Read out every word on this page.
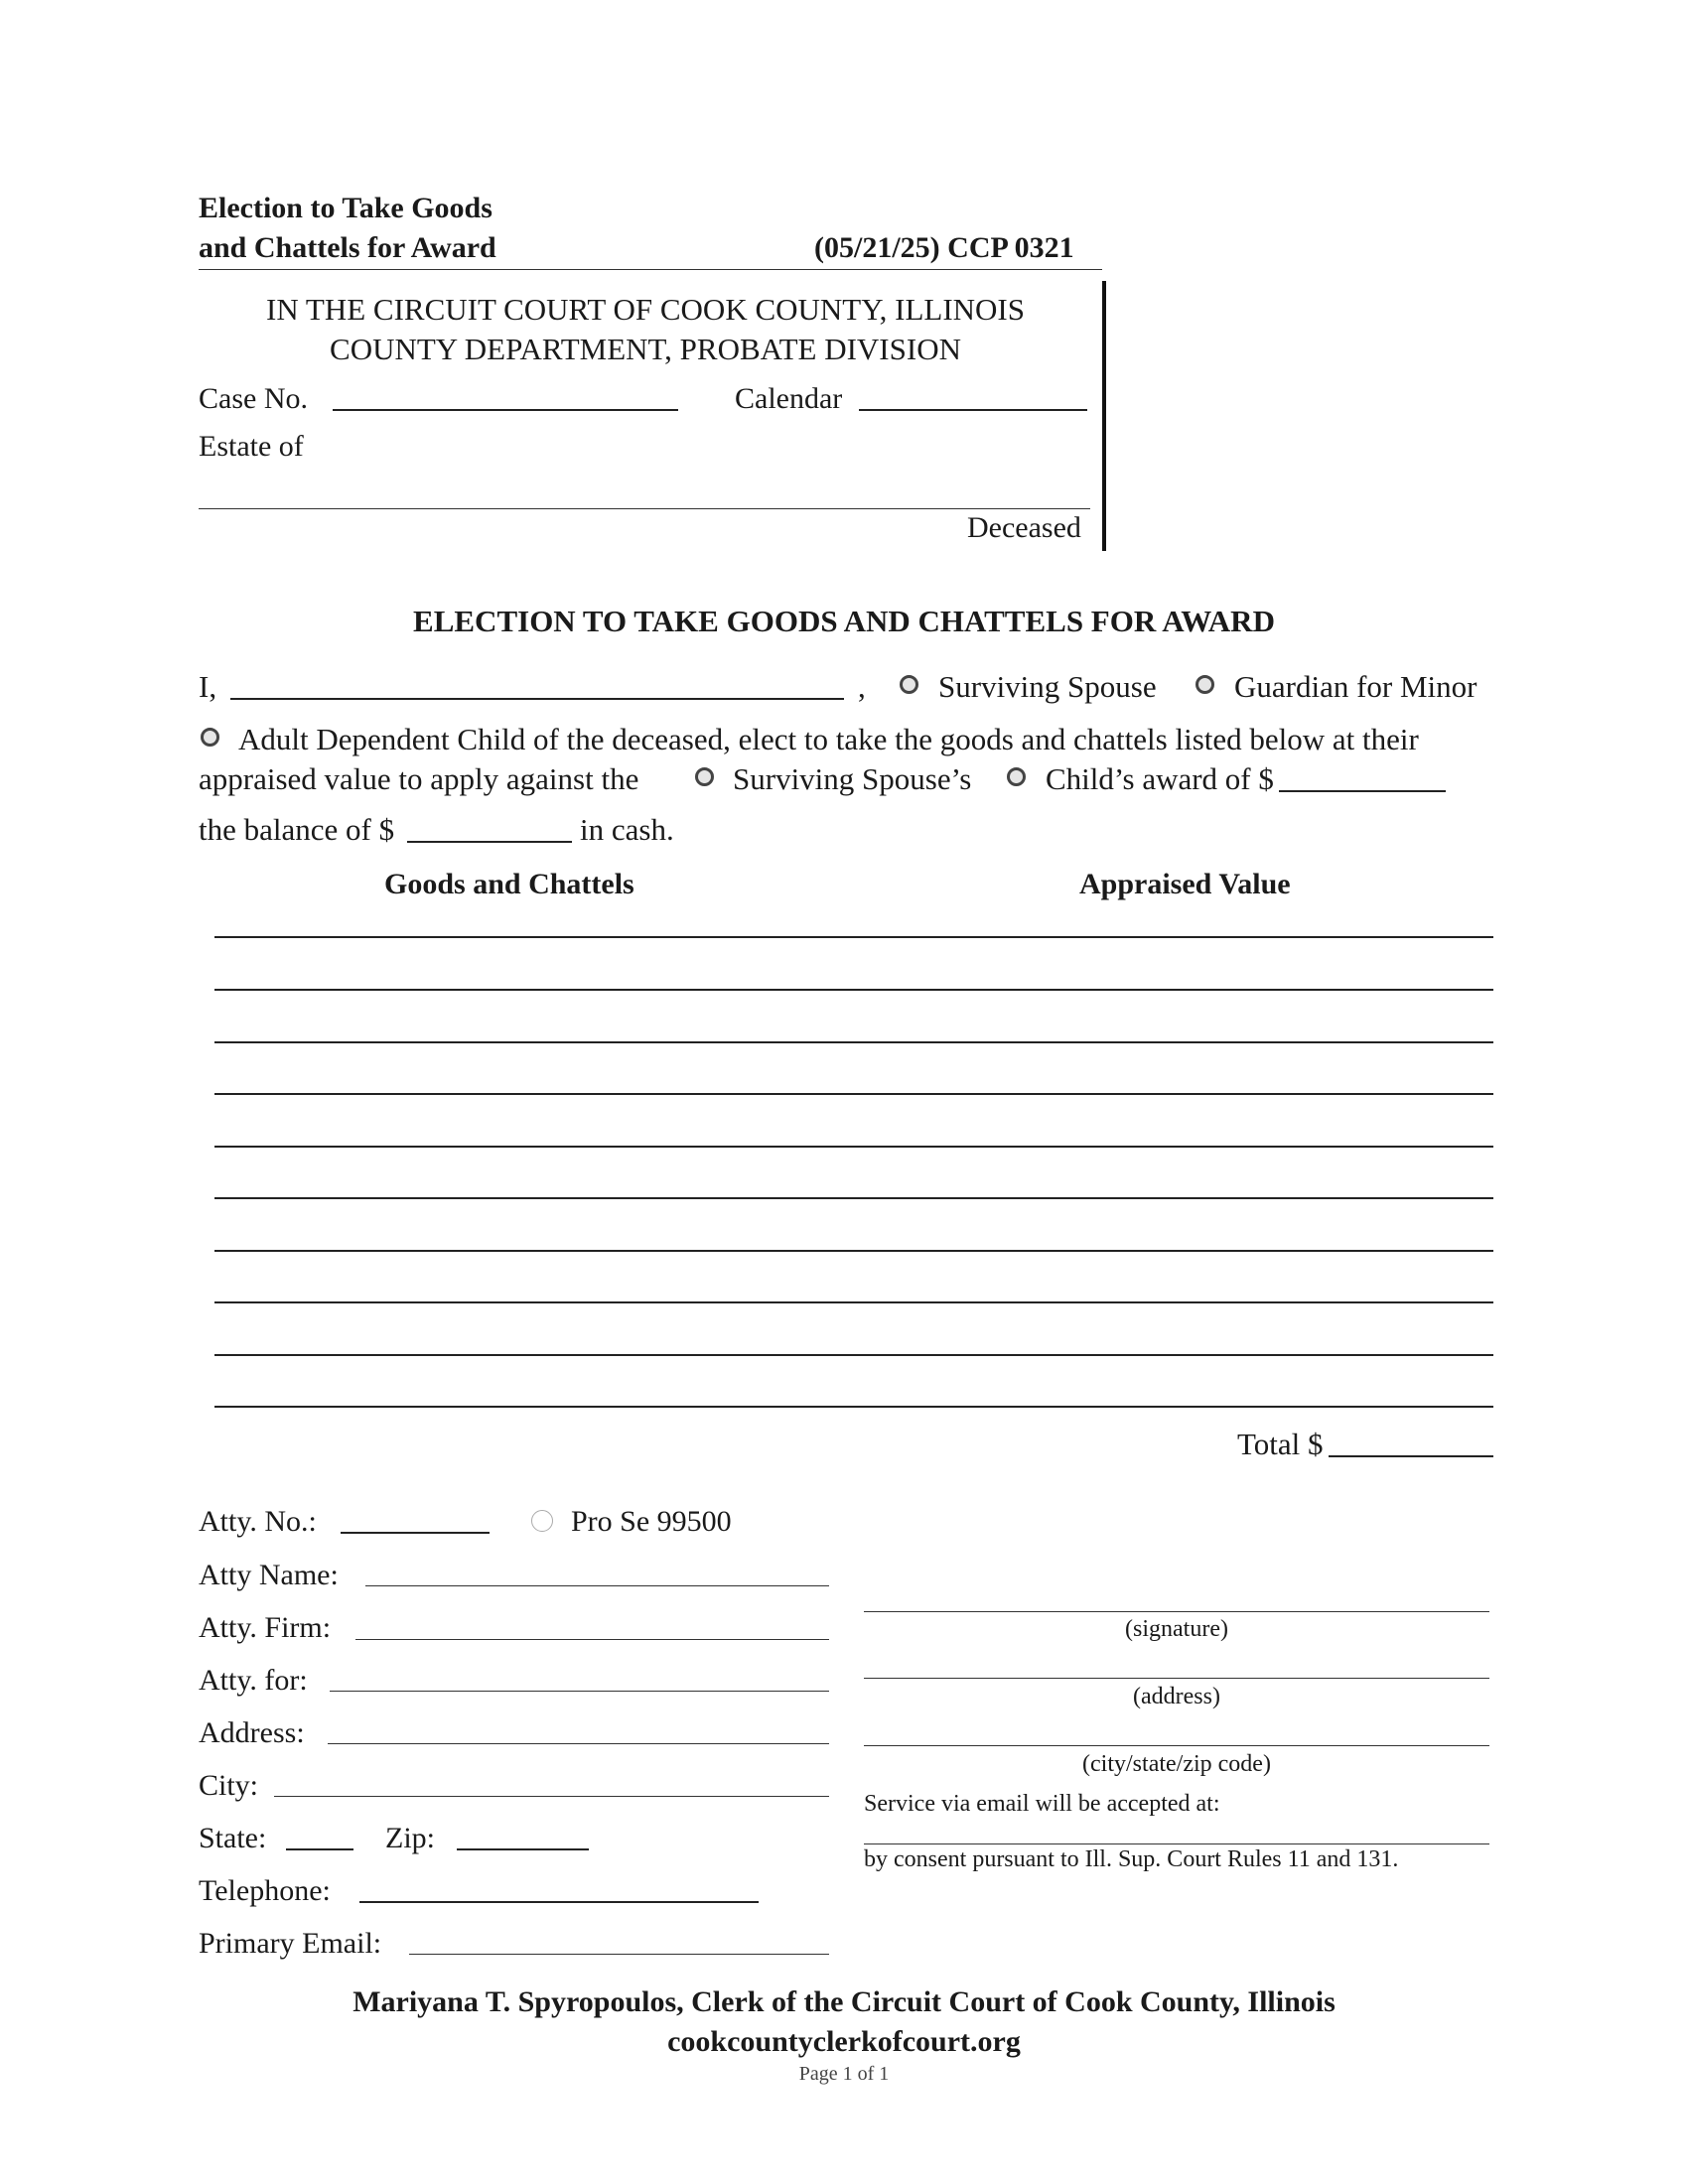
Election to Take Goods
and Chattels for Award	(05/21/25) CCP 0321
IN THE CIRCUIT COURT OF COOK COUNTY, ILLINOIS
COUNTY DEPARTMENT, PROBATE DIVISION
Case No.	Calendar
Estate of
Deceased
ELECTION TO TAKE GOODS AND CHATTELS FOR AWARD
I,	, Surviving Spouse	Guardian for Minor
Adult Dependent Child of the deceased, elect to take the goods and chattels listed below at their
appraised value to apply against the	Surviving Spouse’s Child’s award of $
the balance of $	in cash.
Goods and Chattels	Appraised Value
Total $
Atty. No.:	Pro Se 99500
Atty Name:
Atty. Firm:
Atty. for:
Address:
City:
State:	Zip:
Telephone:
Primary Email:
(signature)
(address)
(city/state/zip code)
Service via email will be accepted at:
by consent pursuant to Ill. Sup. Court Rules 11 and 131.
Mariyana T. Spyropoulos, Clerk of the Circuit Court of Cook County, Illinois
cookcountyclerkofcourt.org
Page 1 of 1
